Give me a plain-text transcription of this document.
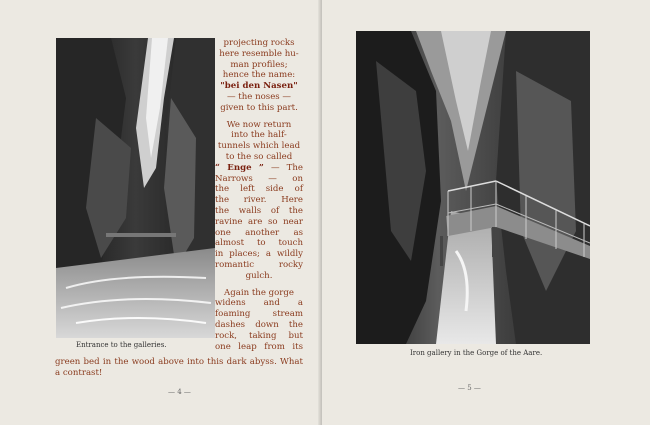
Entrance to the galleries.

projecting rocks
here resemble hu-
man profiles;
hence the name:
"bei den Nasen"
— the noses —
given to this part.

We now return
into the half-
tunnels which lead
to the so called
“ Enge ” — The
Narrows — on
the left side of
the river. Here
the walls of the
ravine are so near
one another as
almost to touch
in places; a wildly
romantic rocky
gulch.

Again the gorge
widens and a
foaming stream
dashes down the
rock, taking but
one leap from its

green bed in the wood above into this dark abyss. What
a contrast!
— 4 —
Iron gallery in the Gorge of the Aare.
— 5 —
